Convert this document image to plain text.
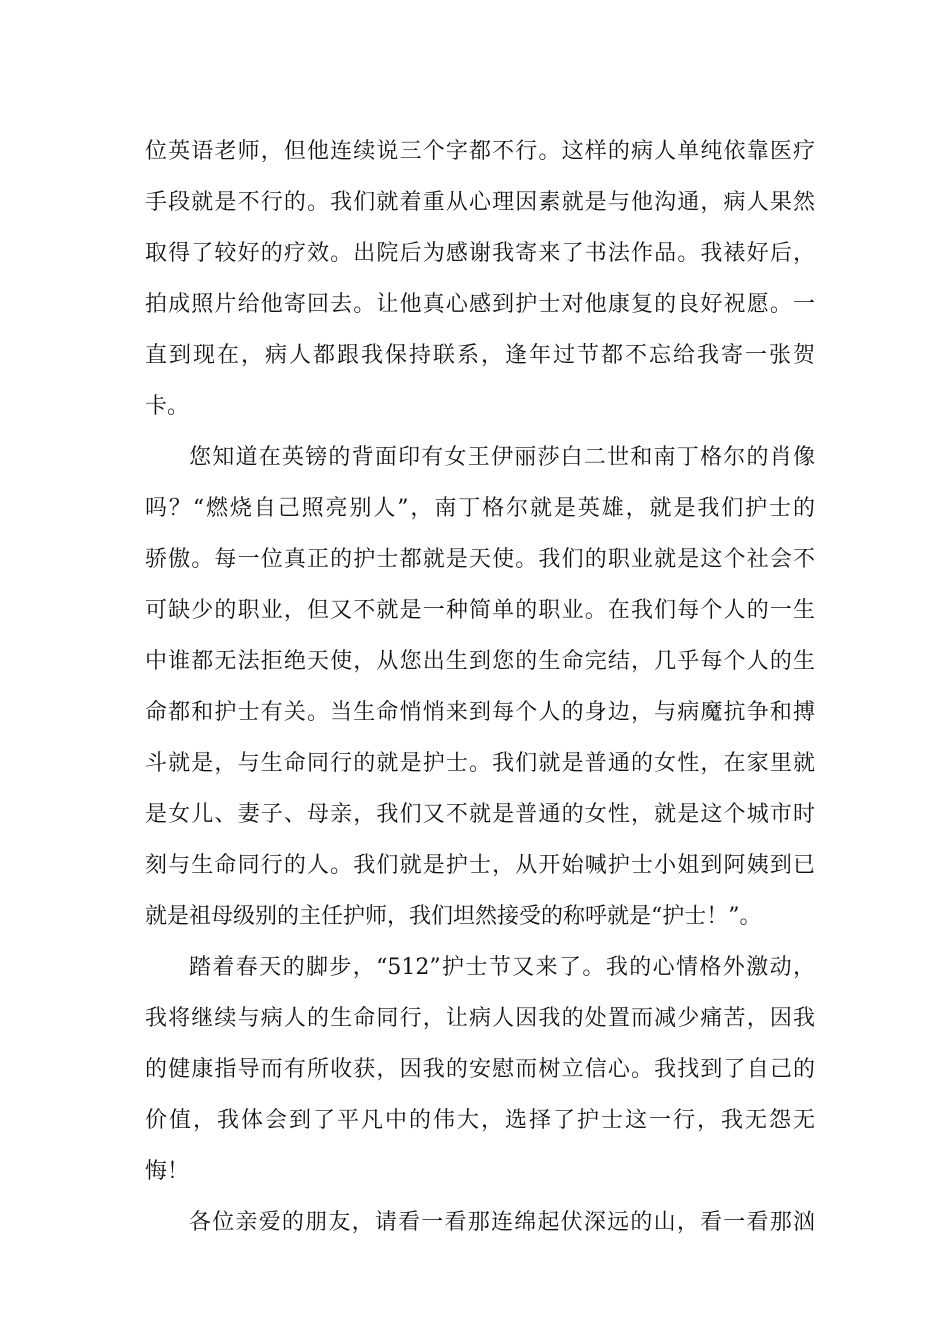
位英语老师，但他连续说三个字都不行。这样的病人单纯依靠医疗
手段就是不行的。我们就着重从心理因素就是与他沟通，病人果然
取得了较好的疗效。出院后为感谢我寄来了书法作品。我裱好后，
拍成照片给他寄回去。让他真心感到护士对他康复的良好祝愿。一
直到现在，病人都跟我保持联系，逢年过节都不忘给我寄一张贺
卡。
您知道在英镑的背面印有女王伊丽莎白二世和南丁格尔的肖像
吗？“燃烧自己照亮别人”，南丁格尔就是英雄，就是我们护士的
骄傲。每一位真正的护士都就是天使。我们的职业就是这个社会不
可缺少的职业，但又不就是一种简单的职业。在我们每个人的一生
中谁都无法拒绝天使，从您出生到您的生命完结，几乎每个人的生
命都和护士有关。当生命悄悄来到每个人的身边，与病魔抗争和搏
斗就是，与生命同行的就是护士。我们就是普通的女性，在家里就
是女儿、妻子、母亲，我们又不就是普通的女性，就是这个城市时
刻与生命同行的人。我们就是护士，从开始喊护士小姐到阿姨到已
就是祖母级别的主任护师，我们坦然接受的称呼就是“护士！”。
踏着春天的脚步，“512”护士节又来了。我的心情格外激动，
我将继续与病人的生命同行，让病人因我的处置而减少痛苦，因我
的健康指导而有所收获，因我的安慰而树立信心。我找到了自己的
价值，我体会到了平凡中的伟大，选择了护士这一行，我无怨无
悔！
各位亲爱的朋友，请看一看那连绵起伏深远的山，看一看那汹
